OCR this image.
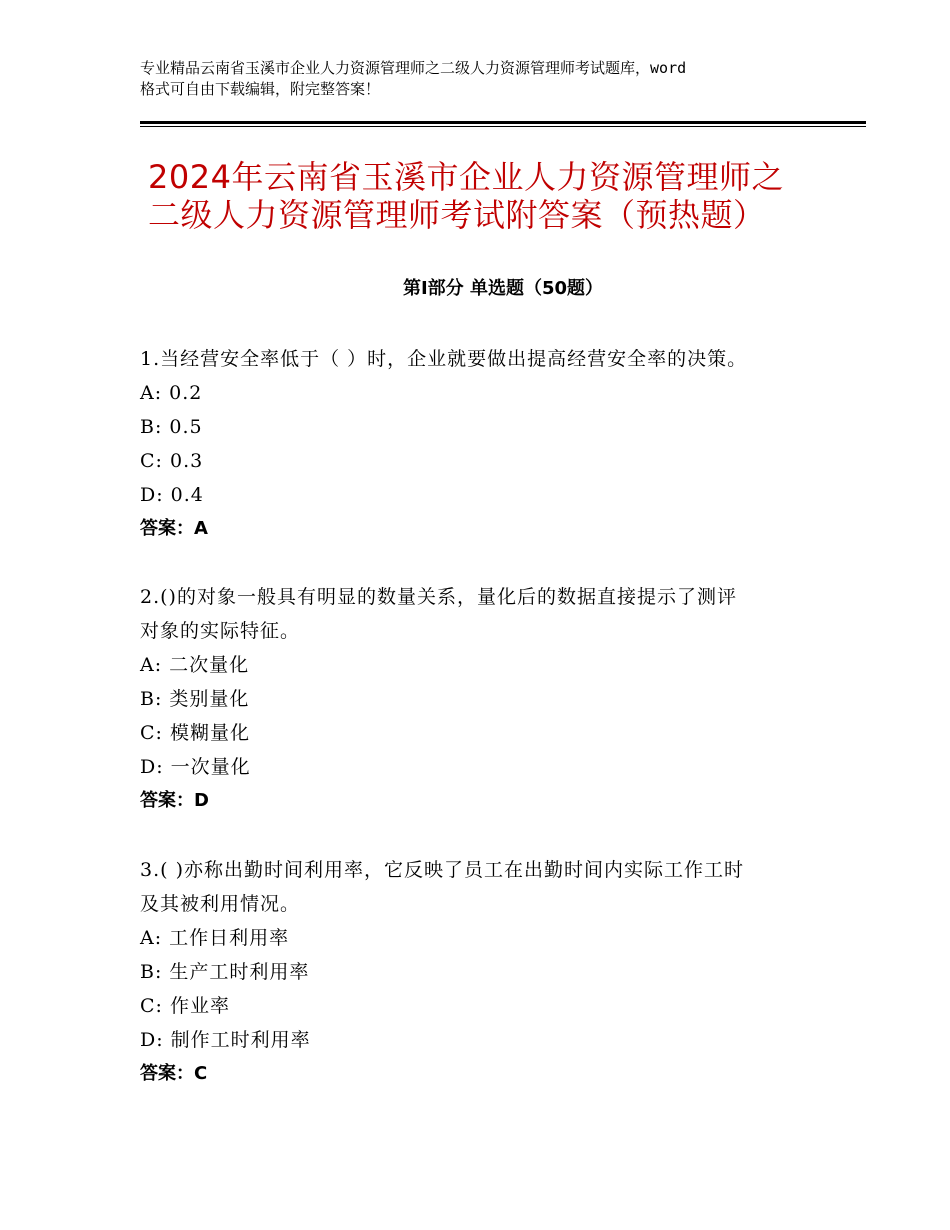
专业精品云南省玉溪市企业人力资源管理师之二级人力资源管理师考试题库，word
格式可自由下载编辑，附完整答案！
2024年云南省玉溪市企业人力资源管理师之
二级人力资源管理师考试附答案（预热题）
第Ⅰ部分 单选题（50题）
1.当经营安全率低于（ ）时，企业就要做出提高经营安全率的决策。
A: 0.2
B: 0.5
C: 0.3
D: 0.4
答案：A
2.()的对象一般具有明显的数量关系，量化后的数据直接提示了测评
对象的实际特征。
A: 二次量化
B: 类别量化
C: 模糊量化
D: 一次量化
答案：D
3.( )亦称出勤时间利用率，它反映了员工在出勤时间内实际工作工时
及其被利用情况。
A: 工作日利用率
B: 生产工时利用率
C: 作业率
D: 制作工时利用率
答案：C
